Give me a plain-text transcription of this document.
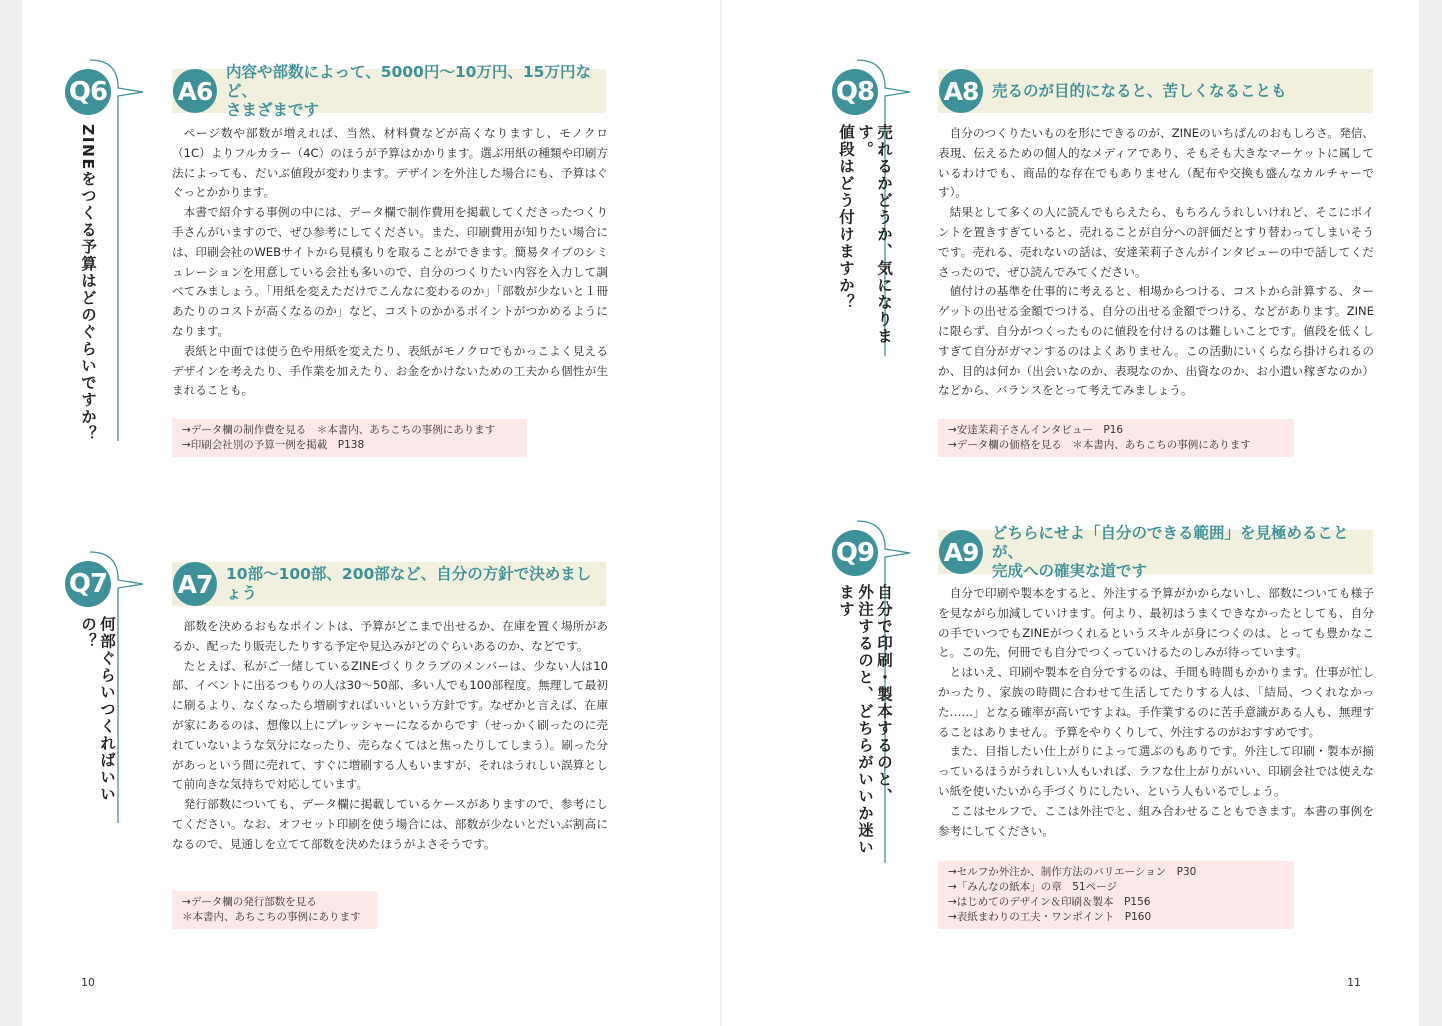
Q6
ZINEをつくる予算はどのぐらいですか？
A6
内容や部数によって、5000円〜10万円、15万円など、
さまざまです

ページ数や部数が増えれば、当然、材料費などが高くなりますし、モノクロ（1C）よりフルカラー（4C）のほうが予算はかかります。選ぶ用紙の種類や印刷方法によっても、だいぶ値段が変わります。デザインを外注した場合にも、予算はぐぐっとかかります。

本書で紹介する事例の中には、データ欄で制作費用を掲載してくださったつくり手さんがいますので、ぜひ参考にしてください。また、印刷費用が知りたい場合には、印刷会社のWEBサイトから見積もりを取ることができます。簡易タイプのシミュレーションを用意している会社も多いので、自分のつくりたい内容を入力して調べてみましょう。「用紙を変えただけでこんなに変わるのか」「部数が少ないと１冊あたりのコストが高くなるのか」など、コストのかかるポイントがつかめるようになります。

表紙と中面では使う色や用紙を変えたり、表紙がモノクロでもかっこよく見えるデザインを考えたり、手作業を加えたり、お金をかけないための工夫から個性が生まれることも。

→データ欄の制作費を見る　＊本書内、あちこちの事例にあります
→印刷会社別の予算一例を掲載　P138
Q7
何部ぐらいつくればいいの？
A7 10部〜100部、200部など、自分の方針で決めましょう

部数を決めるおもなポイントは、予算がどこまで出せるか、在庫を置く場所があるか、配ったり販売したりする予定や見込みがどのぐらいあるのか、などです。

たとえば、私がご一緒しているZINEづくりクラブのメンバーは、少ない人は10部、イベントに出るつもりの人は30〜50部、多い人でも100部程度。無理して最初に刷るより、なくなったら増刷すればいいという方針です。なぜかと言えば、在庫が家にあるのは、想像以上にプレッシャーになるからです（せっかく刷ったのに売れていないような気分になったり、売らなくてはと焦ったりしてしまう）。刷った分があっという間に売れて、すぐに増刷する人もいますが、それはうれしい誤算として前向きな気持ちで対応しています。

発行部数についても、データ欄に掲載しているケースがありますので、参考にしてください。なお、オフセット印刷を使う場合には、部数が少ないとだいぶ割高になるので、見通しを立てて部数を決めたほうがよさそうです。

→データ欄の発行部数を見る
＊本書内、あちこちの事例にあります
Q8
売れるかどうか、気になります。
値段はどう付けますか？
A8 売るのが目的になると、苦しくなることも

自分のつくりたいものを形にできるのが、ZINEのいちばんのおもしろさ。発信、表現、伝えるための個人的なメディアであり、そもそも大きなマーケットに属しているわけでも、商品的な存在でもありません（配布や交換も盛んなカルチャーです）。

結果として多くの人に読んでもらえたら、もちろんうれしいけれど、そこにポイントを置きすぎていると、売れることが自分への評価だとすり替わってしまいそうです。売れる、売れないの話は、安達茉莉子さんがインタビューの中で話してくださったので、ぜひ読んでみてください。

値付けの基準を仕事的に考えると、相場からつける、コストから計算する、ターゲットの出せる金額でつける、自分の出せる金額でつける、などがあります。ZINEに限らず、自分がつくったものに値段を付けるのは難しいことです。値段を低くしすぎて自分がガマンするのはよくありません。この活動にいくらなら掛けられるのか、目的は何か（出会いなのか、表現なのか、出資なのか、お小遣い稼ぎなのか）などから、バランスをとって考えてみましょう。

→安達茉莉子さんインタビュー　P16
→データ欄の価格を見る　＊本書内、あちこちの事例にあります
Q9
自分で印刷・製本するのと、
外注するのと、どちらがいいか迷います
A9
どちらにせよ「自分のできる範囲」を見極めることが、
完成への確実な道です

自分で印刷や製本をすると、外注する予算がかからないし、部数についても様子を見ながら加減していけます。何より、最初はうまくできなかったとしても、自分の手でいつでもZINEがつくれるというスキルが身につくのは、とっても豊かなこと。この先、何冊でも自分でつくっていけるたのしみが待っています。

とはいえ、印刷や製本を自分でするのは、手間も時間もかかります。仕事が忙しかったり、家族の時間に合わせて生活してたりする人は、「結局、つくれなかった……」となる確率が高いですよね。手作業するのに苦手意識がある人も、無理することはありません。予算をやりくりして、外注するのがおすすめです。

また、目指したい仕上がりによって選ぶのもありです。外注して印刷・製本が揃っているほうがうれしい人もいれば、ラフな仕上がりがいい、印刷会社では使えない紙を使いたいから手づくりにしたい、という人もいるでしょう。

ここはセルフで、ここは外注でと、組み合わせることもできます。本書の事例を参考にしてください。

→セルフか外注か、制作方法のバリエーション　P30
→「みんなの紙本」の章　51ページ
→はじめてのデザイン＆印刷＆製本　P156
→表紙まわりの工夫・ワンポイント　P160
10	11
